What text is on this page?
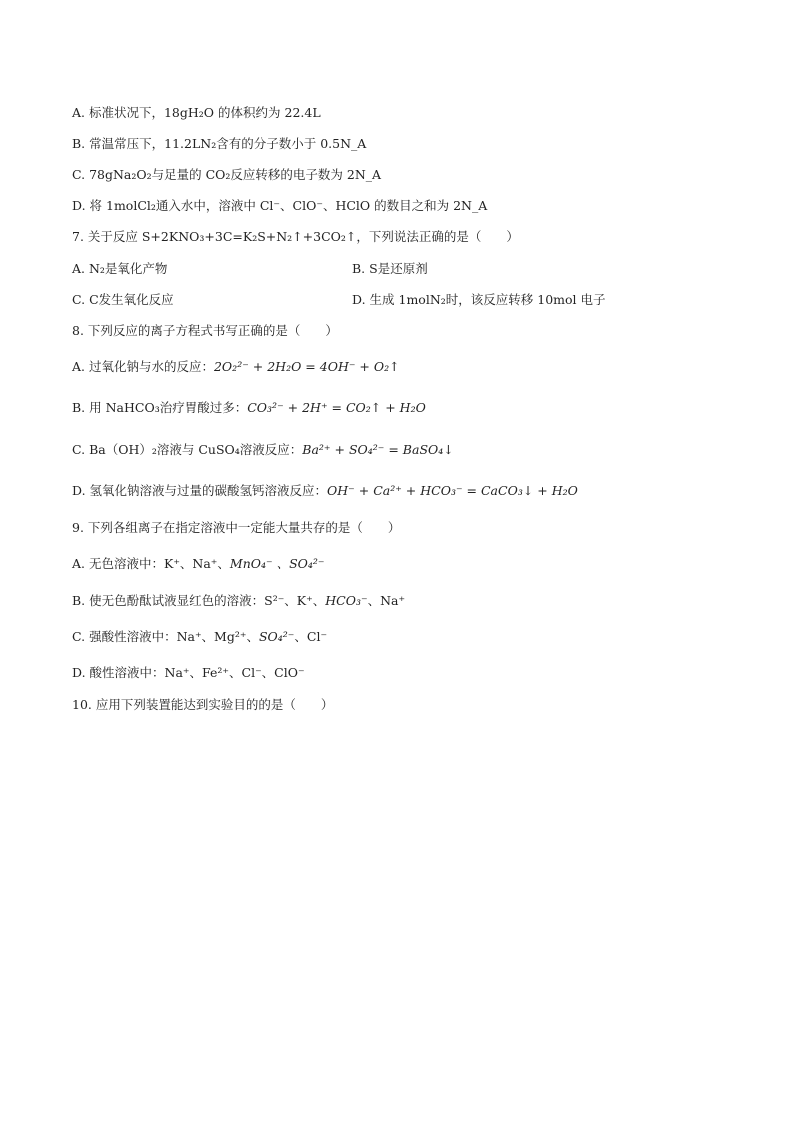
A. 标准状况下，18gH₂O 的体积约为 22.4L
B. 常温常压下，11.2LN₂含有的分子数小于 0.5N_A
C. 78gNa₂O₂与足量的 CO₂反应转移的电子数为 2N_A
D. 将 1molCl₂通入水中，溶液中 Cl⁻、ClO⁻、HClO 的数目之和为 2N_A
7. 关于反应 S+2KNO₃+3C=K₂S+N₂↑+3CO₂↑，下列说法正确的是（　　）
A. N₂是氧化产物	B. S是还原剂
C. C发生氧化反应	D. 生成 1molN₂时，该反应转移 10mol 电子
8. 下列反应的离子方程式书写正确的是（　　）
A. 过氧化钠与水的反应：2O₂²⁻ + 2H₂O = 4OH⁻ + O₂↑
B. 用 NaHCO₃治疗胃酸过多：CO₃²⁻ + 2H⁺ = CO₂↑ + H₂O
C. Ba（OH）₂溶液与 CuSO₄溶液反应：Ba²⁺ + SO₄²⁻ = BaSO₄↓
D. 氢氧化钠溶液与过量的碳酸氢钙溶液反应：OH⁻ + Ca²⁺ + HCO₃⁻ = CaCO₃↓ + H₂O
9. 下列各组离子在指定溶液中一定能大量共存的是（　　）
A. 无色溶液中：K⁺、Na⁺、MnO₄⁻ 、SO₄²⁻
B. 使无色酚酞试液显红色的溶液：S²⁻、K⁺、HCO₃⁻、Na⁺
C. 强酸性溶液中：Na⁺、Mg²⁺、SO₄²⁻、Cl⁻
D. 酸性溶液中：Na⁺、Fe²⁺、Cl⁻、ClO⁻
10. 应用下列装置能达到实验目的的是（　　）
